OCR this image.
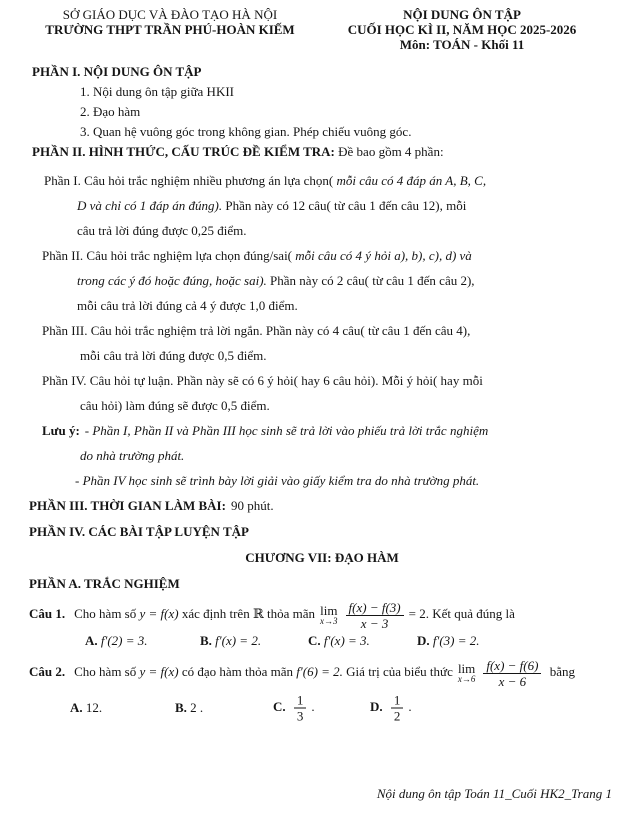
SỞ GIÁO DỤC VÀ ĐÀO TẠO HÀ NỘI
TRƯỜNG THPT TRẦN PHÚ-HOÀN KIẾM
NỘI DUNG ÔN TẬP
CUỐI HỌC KÌ II, NĂM HỌC 2025-2026
Môn: TOÁN - Khối 11
PHẦN I. NỘI DUNG ÔN TẬP
1. Nội dung ôn tập giữa HKII
2. Đạo hàm
3. Quan hệ vuông góc trong không gian. Phép chiếu vuông góc.
PHẦN II. HÌNH THỨC, CẤU TRÚC ĐỀ KIỂM TRA: Đề bao gồm 4 phần:
Phần I. Câu hỏi trắc nghiệm nhiều phương án lựa chọn( mỗi câu có 4 đáp án A, B, C,
D và chỉ có 1 đáp án đúng). Phần này có 12 câu( từ câu 1 đến câu 12), mỗi
câu trả lời đúng được 0,25 điểm.
Phần II. Câu hỏi trắc nghiệm lựa chọn đúng/sai( mỗi câu có 4 ý hỏi a), b), c), d) và
trong các ý đó hoặc đúng, hoặc sai). Phần này có 2 câu( từ câu 1 đến câu 2),
mỗi câu trả lời đúng cả 4 ý được 1,0 điểm.
Phần III. Câu hỏi trắc nghiệm trả lời ngắn. Phần này có 4 câu( từ câu 1 đến câu 4),
mỗi câu trả lời đúng được 0,5 điểm.
Phần IV. Câu hỏi tự luận. Phần này sẽ có 6 ý hỏi( hay 6 câu hỏi). Mỗi ý hỏi( hay mỗi
câu hỏi) làm đúng sẽ được 0,5 điểm.
Lưu ý: - Phần I, Phần II và Phần III học sinh sẽ trả lời vào phiếu trả lời trắc nghiệm
do nhà trường phát.
- Phần IV học sinh sẽ trình bày lời giải vào giấy kiểm tra do nhà trường phát.
PHẦN III. THỜI GIAN LÀM BÀI: 90 phút.
PHẦN IV. CÁC BÀI TẬP LUYỆN TẬP
CHƯƠNG VII: ĐẠO HÀM
PHẦN A. TRẮC NGHIỆM
Câu 1. Cho hàm số y = f(x) xác định trên ℝ thỏa mãn lim
$x\to 3 \frac{f(x) - f(3)}{x - 3} = 2$. Kết quả đúng là
A. f′(2) = 3.	B. f′(x) = 2.	C. f′(x) = 3.	D. f′(3) = 2.
Câu 2. Cho hàm số y = f(x) có đạo hàm thỏa mãn f′(6) = 2. Giá trị của biểu thức lim
$x\to 6 \frac{f(x) - f(6)}{x - 6}$ bằng
A. 12.	B. 2 .	C. $\frac{1}{3}$ .	D. $\frac{1}{2}$ .
Nội dung ôn tập Toán 11_Cuối HK2_Trang 1
